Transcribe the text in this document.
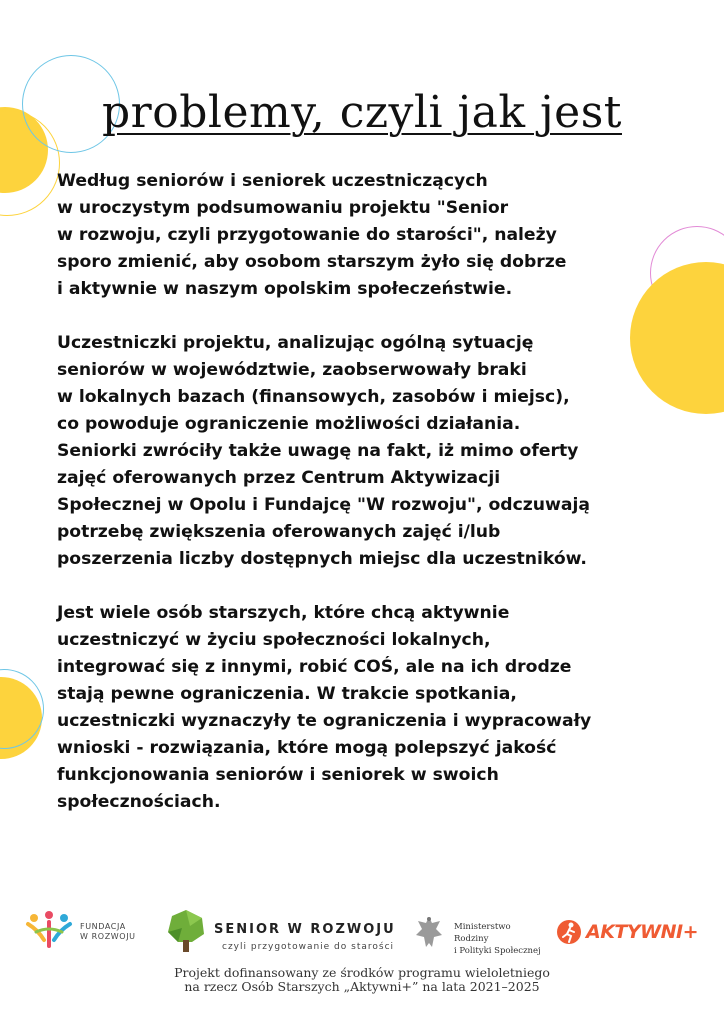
problemy, czyli jak jest
Według seniorów i seniorek uczestniczących
w uroczystym podsumowaniu projektu "Senior
w rozwoju, czyli przygotowanie do starości", należy
sporo zmienić, aby osobom starszym żyło się dobrze
i aktywnie w naszym opolskim społeczeństwie.
Uczestniczki projektu, analizując ogólną sytuację
seniorów w województwie, zaobserwowały braki
w lokalnych bazach (finansowych, zasobów i miejsc),
co powoduje ograniczenie możliwości działania.
Seniorki zwróciły także uwagę na fakt, iż mimo oferty
zajęć oferowanych przez Centrum Aktywizacji
Społecznej w Opolu i Fundajcę "W rozwoju", odczuwają
potrzebę zwiększenia oferowanych zajęć i/lub
poszerzenia liczby dostępnych miejsc dla uczestników.
Jest wiele osób starszych, które chcą aktywnie
uczestniczyć w życiu społeczności lokalnych,
integrować się z innymi, robić COŚ, ale na ich drodze
stają pewne ograniczenia. W trakcie spotkania,
uczestniczki wyznaczyły te ograniczenia i wypracowały
wnioski - rozwiązania, które mogą polepszyć jakość
funkcjonowania seniorów i seniorek w swoich
społecznościach.
FUNDACJA
W ROZWOJU	SENIOR W ROZWOJU
czyli przygotowanie do starości
Ministerstwo Rodziny
i Polityki Społecznej
AKTYWNI+
Projekt dofinansowany ze środków programu wieloletniego
na rzecz Osób Starszych „Aktywni+” na lata 2021–2025
